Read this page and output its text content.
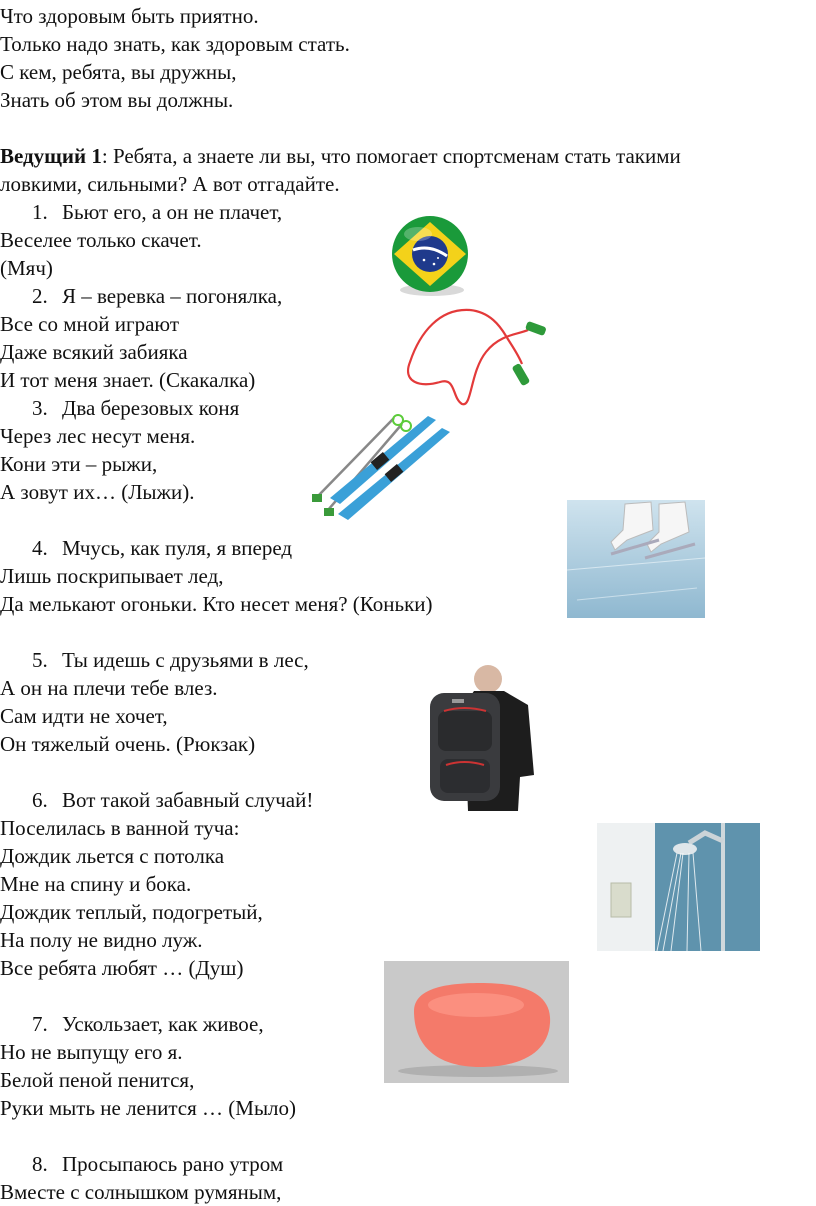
Что здоровым быть приятно.
Только надо знать, как здоровым стать.
С кем, ребята, вы дружны,
Знать об этом вы должны.
Ведущий 1: Ребята, а знаете ли вы, что помогает спортсменам стать такими
ловкими, сильными? А вот отгадайте.
1. Бьют его, а он не плачет,
Веселее только скачет.
(Мяч)
2. Я – веревка – погонялка,
Все со мной играют
Даже всякий забияка
И тот меня знает. (Скакалка)
3. Два березовых коня
Через лес несут меня.
Кони эти – рыжи,
А зовут их… (Лыжи).
4. Мчусь, как пуля, я вперед
Лишь поскрипывает лед,
Да мелькают огоньки. Кто несет меня? (Коньки)
5. Ты идешь с друзьями в лес,
А он на плечи тебе влез.
Сам идти не хочет,
Он тяжелый очень. (Рюкзак)
6. Вот такой забавный случай!
Поселилась в ванной туча:
Дождик льется с потолка
Мне на спину и бока.
Дождик теплый, подогретый,
На полу не видно луж.
Все ребята любят … (Душ)
7. Ускользает, как живое,
Но не выпущу его я.
Белой пеной пенится,
Руки мыть не ленится … (Мыло)
8. Просыпаюсь рано утром
Вместе с солнышком румяным,
